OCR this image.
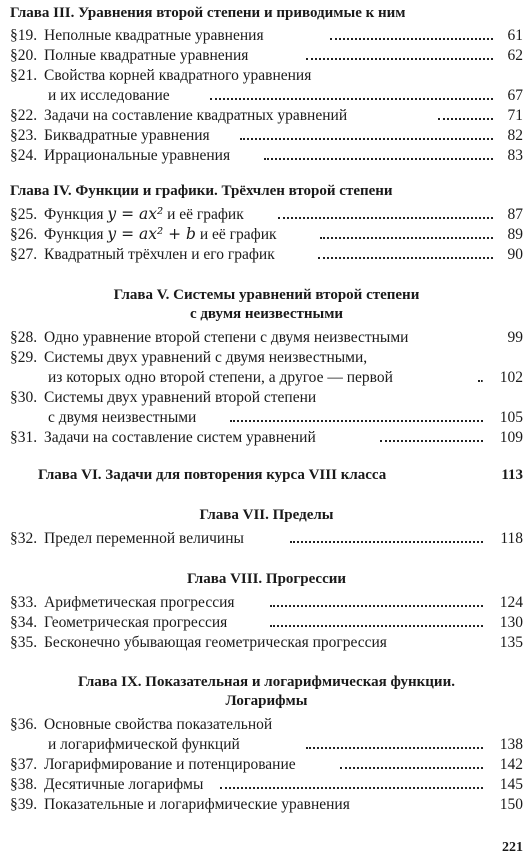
Глава III. Уравнения второй степени и приводимые к ним
§19. Неполные квадратные уравнения	61
§20. Полные квадратные уравнения	62
§21. Свойства корней квадратного уравнения
и их исследование	67
§22. Задачи на составление квадратных уравнений	71
§23. Биквадратные уравнения	82
§24. Иррациональные уравнения	83
Глава IV. Функции и графики. Трёхчлен второй степени
§25. Функция y = ax² и её график	87
§26. Функция y = ax² + b и её график	89
§27. Квадратный трёхчлен и его график	90
Глава V. Системы уравнений второй степени
с двумя неизвестными
§28. Одно уравнение второй степени с двумя неизвестными	99
§29. Системы двух уравнений с двумя неизвестными,
из которых одно второй степени, а другое — первой	102
§30. Системы двух уравнений второй степени
с двумя неизвестными	105
§31. Задачи на составление систем уравнений	109
Глава VI. Задачи для повторения курса VIII класса	113
Глава VII. Пределы
§32. Предел переменной величины	118
Глава VIII. Прогрессии
§33. Арифметическая прогрессия	124
§34. Геометрическая прогрессия	130
§35. Бесконечно убывающая геометрическая прогрессия	135
Глава IX. Показательная и логарифмическая функции.
Логарифмы
§36. Основные свойства показательной
и логарифмической функций	138
§37. Логарифмирование и потенцирование	142
§38. Десятичные логарифмы	145
§39. Показательные и логарифмические уравнения	150
221
